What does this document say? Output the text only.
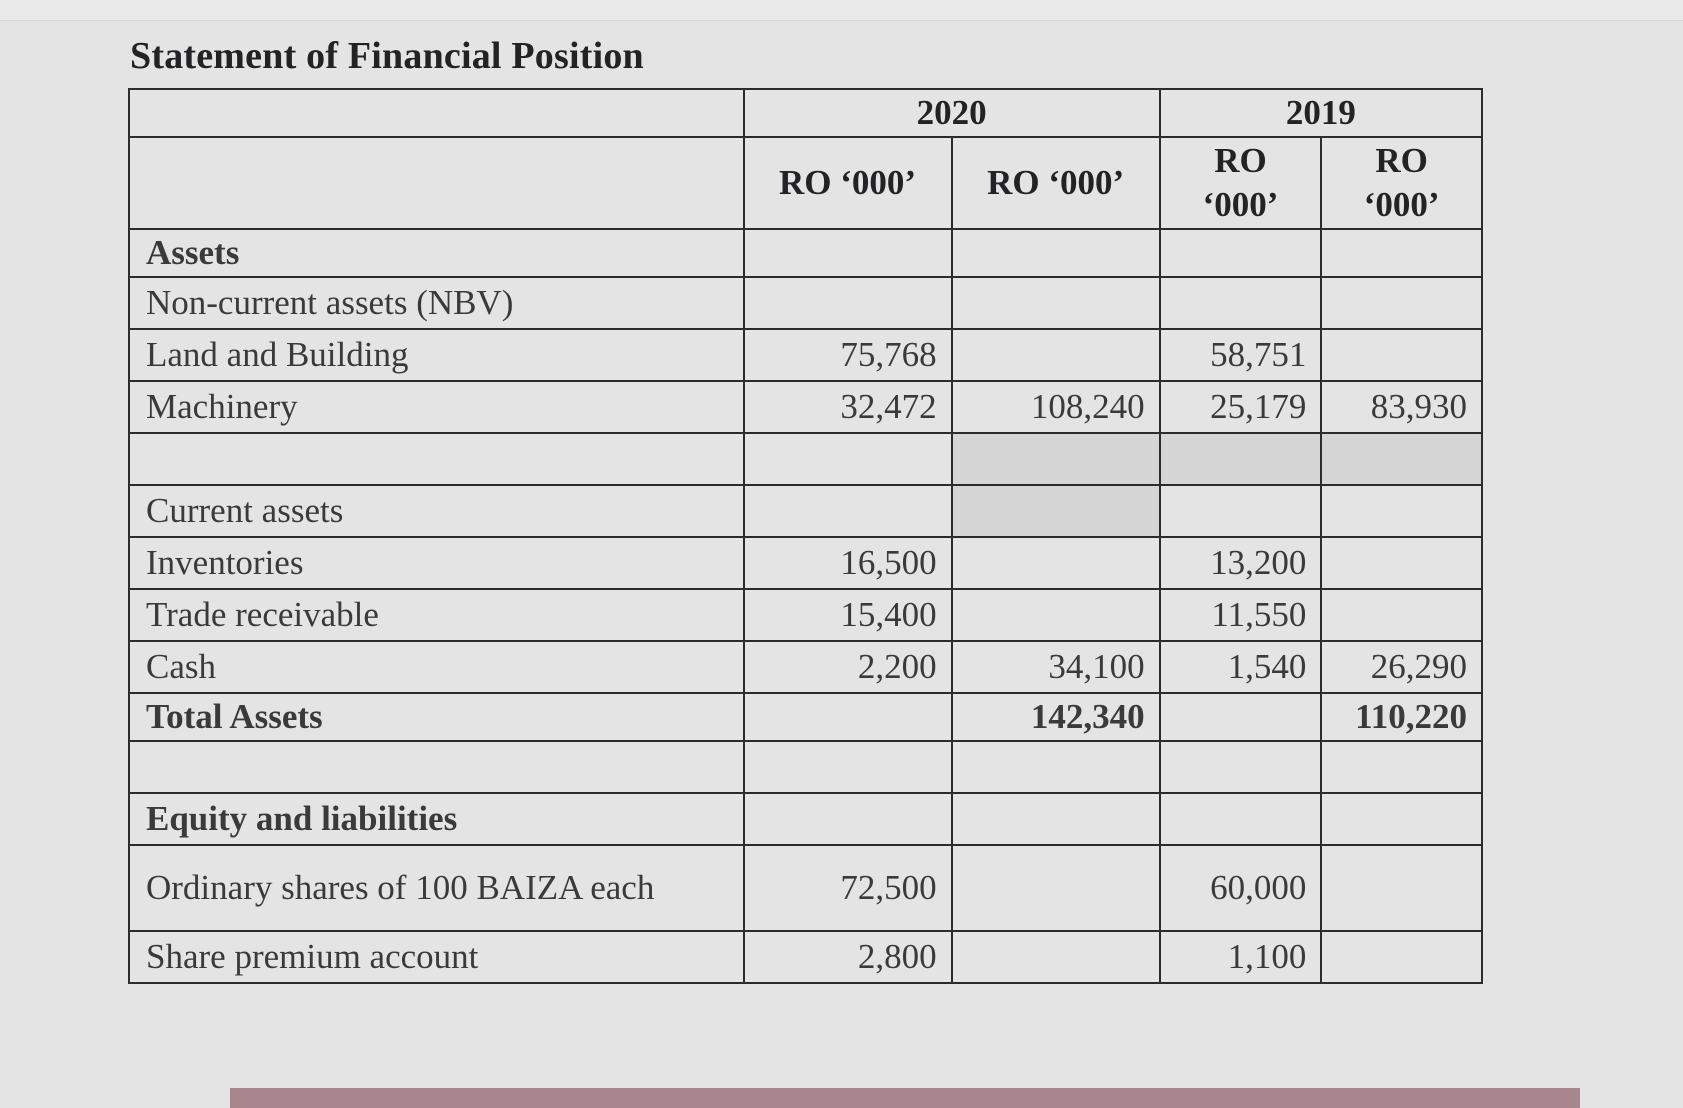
Statement of Financial Position
	2020		2019	
	RO ‘000’	RO ‘000’	RO ‘000’	RO ‘000’
Assets				
Non-current assets (NBV)				
Land and Building	75,768		58,751	
Machinery	32,472	108,240	25,179	83,930

Current assets				
Inventories	16,500		13,200	
Trade receivable	15,400		11,550	
Cash	2,200	34,100	1,540	26,290
Total Assets		142,340		110,220

Equity and liabilities				
Ordinary shares of 100 BAIZA each	72,500		60,000	
Share premium account	2,800		1,100	
